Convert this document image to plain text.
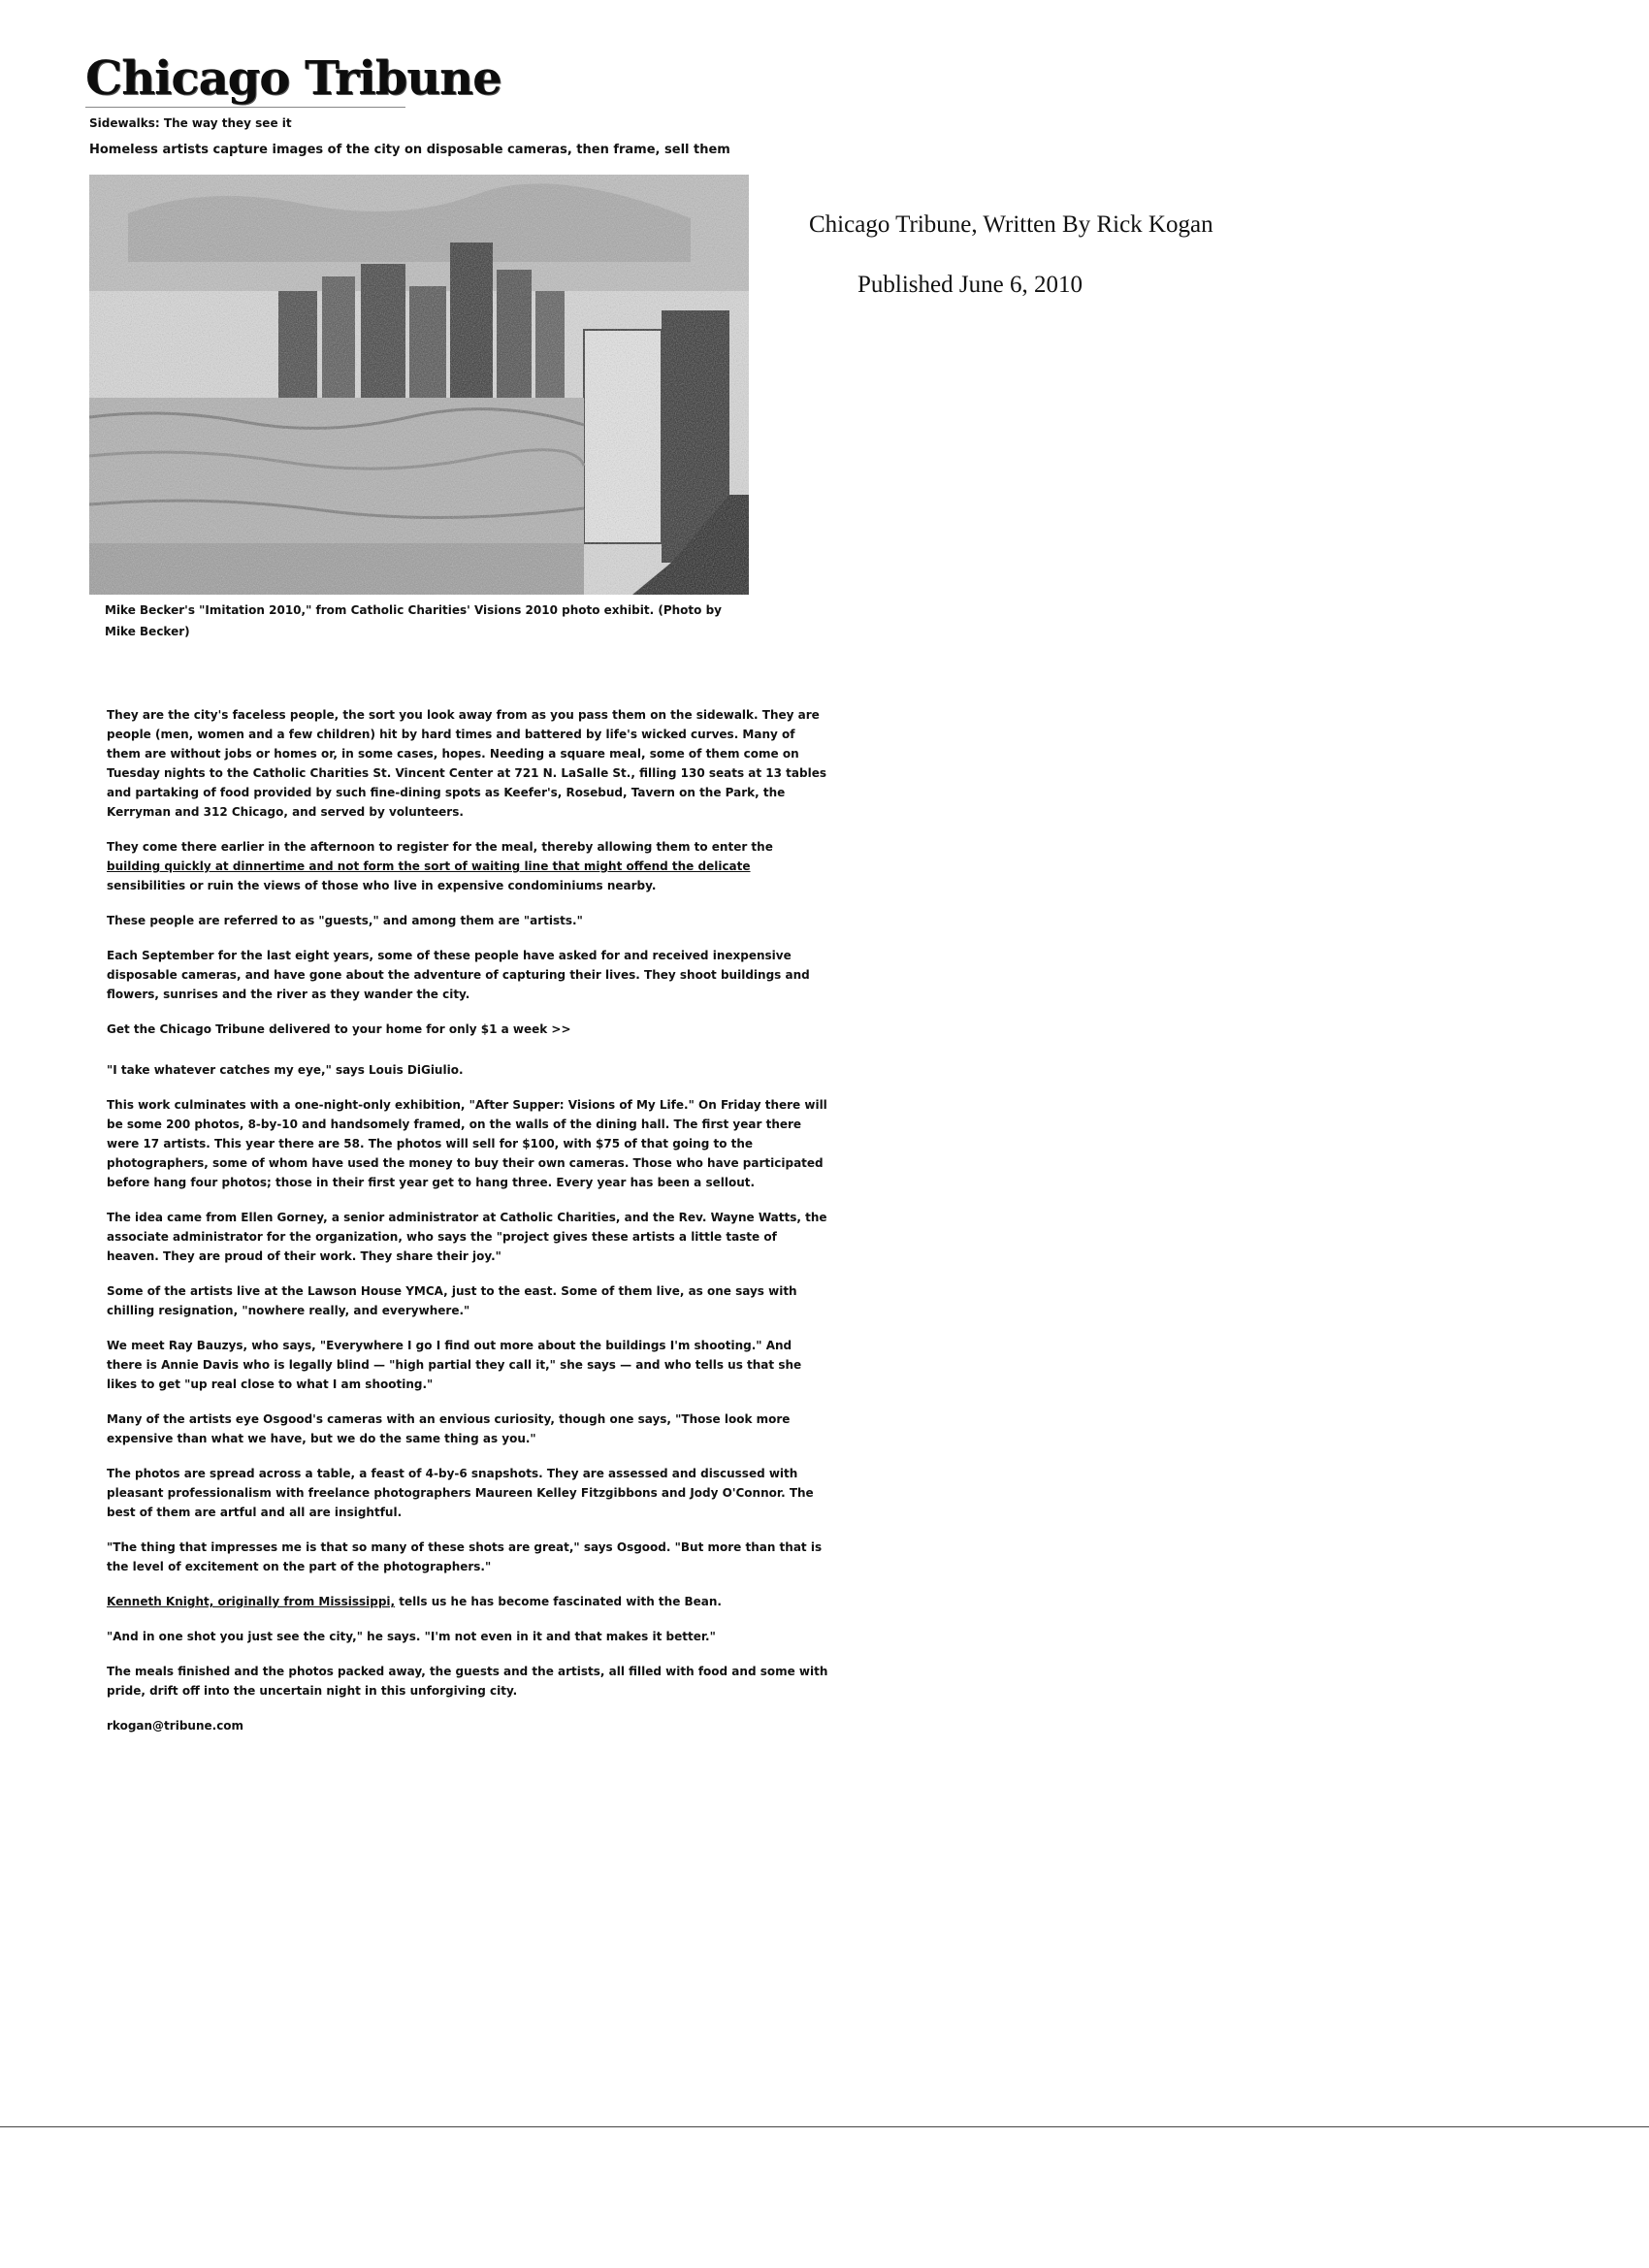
Chicago Tribune
Sidewalks: The way they see it
Homeless artists capture images of the city on disposable cameras, then frame, sell them
Mike Becker's "Imitation 2010," from Catholic Charities' Visions 2010 photo exhibit. (Photo by Mike Becker)
Chicago Tribune, Written By Rick Kogan
Published June 6, 2010

They are the city's faceless people, the sort you look away from as you pass them on the sidewalk. They are people (men, women and a few children) hit by hard times and battered by life's wicked curves. Many of them are without jobs or homes or, in some cases, hopes. Needing a square meal, some of them come on Tuesday nights to the Catholic Charities St. Vincent Center at 721 N. LaSalle St., filling 130 seats at 13 tables and partaking of food provided by such fine-dining spots as Keefer's, Rosebud, Tavern on the Park, the Kerryman and 312 Chicago, and served by volunteers.

They come there earlier in the afternoon to register for the meal, thereby allowing them to enter the building quickly at dinnertime and not form the sort of waiting line that might offend the delicate sensibilities or ruin the views of those who live in expensive condominiums nearby.

These people are referred to as "guests," and among them are "artists."

Each September for the last eight years, some of these people have asked for and received inexpensive disposable cameras, and have gone about the adventure of capturing their lives. They shoot buildings and flowers, sunrises and the river as they wander the city.

Get the Chicago Tribune delivered to your home for only $1 a week >>

"I take whatever catches my eye," says Louis DiGiulio.

This work culminates with a one-night-only exhibition, "After Supper: Visions of My Life." On Friday there will be some 200 photos, 8-by-10 and handsomely framed, on the walls of the dining hall. The first year there were 17 artists. This year there are 58. The photos will sell for $100, with $75 of that going to the photographers, some of whom have used the money to buy their own cameras. Those who have participated before hang four photos; those in their first year get to hang three. Every year has been a sellout.

The idea came from Ellen Gorney, a senior administrator at Catholic Charities, and the Rev. Wayne Watts, the associate administrator for the organization, who says the "project gives these artists a little taste of heaven. They are proud of their work. They share their joy."

Some of the artists live at the Lawson House YMCA, just to the east. Some of them live, as one says with chilling resignation, "nowhere really, and everywhere."

We meet Ray Bauzys, who says, "Everywhere I go I find out more about the buildings I'm shooting." And there is Annie Davis who is legally blind — "high partial they call it," she says — and who tells us that she likes to get "up real close to what I am shooting."

Many of the artists eye Osgood's cameras with an envious curiosity, though one says, "Those look more expensive than what we have, but we do the same thing as you."

The photos are spread across a table, a feast of 4-by-6 snapshots. They are assessed and discussed with pleasant professionalism with freelance photographers Maureen Kelley Fitzgibbons and Jody O'Connor. The best of them are artful and all are insightful.

"The thing that impresses me is that so many of these shots are great," says Osgood. "But more than that is the level of excitement on the part of the photographers."

Kenneth Knight, originally from Mississippi, tells us he has become fascinated with the Bean.

"And in one shot you just see the city," he says. "I'm not even in it and that makes it better."

The meals finished and the photos packed away, the guests and the artists, all filled with food and some with pride, drift off into the uncertain night in this unforgiving city.

rkogan@tribune.com
